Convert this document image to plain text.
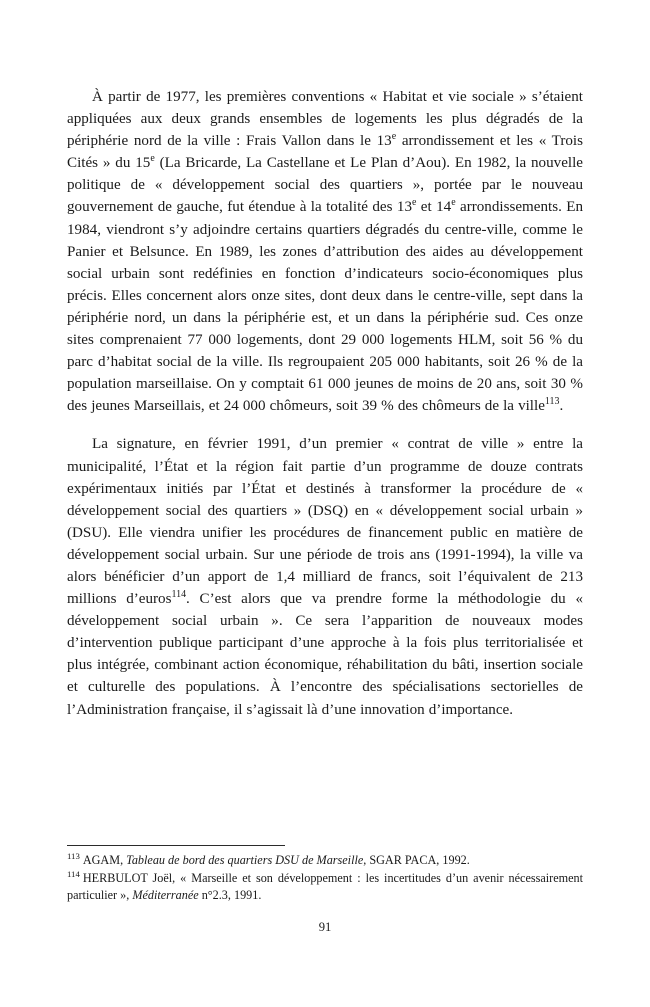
À partir de 1977, les premières conventions « Habitat et vie sociale » s’étaient appliquées aux deux grands ensembles de logements les plus dégradés de la périphérie nord de la ville : Frais Vallon dans le 13e arrondissement et les « Trois Cités » du 15e (La Bricarde, La Castellane et Le Plan d’Aou). En 1982, la nouvelle politique de « développement social des quartiers », portée par le nouveau gouvernement de gauche, fut étendue à la totalité des 13e et 14e arrondissements. En 1984, viendront s’y adjoindre certains quartiers dégradés du centre-ville, comme le Panier et Belsunce. En 1989, les zones d’attribution des aides au développement social urbain sont redéfinies en fonction d’indicateurs socio-économiques plus précis. Elles concernent alors onze sites, dont deux dans le centre-ville, sept dans la périphérie nord, un dans la périphérie est, et un dans la périphérie sud. Ces onze sites comprenaient 77 000 logements, dont 29 000 logements HLM, soit 56 % du parc d’habitat social de la ville. Ils regroupaient 205 000 habitants, soit 26 % de la population marseillaise. On y comptait 61 000 jeunes de moins de 20 ans, soit 30 % des jeunes Marseillais, et 24 000 chômeurs, soit 39 % des chômeurs de la ville$^{113}$.

La signature, en février 1991, d’un premier « contrat de ville » entre la municipalité, l’État et la région fait partie d’un programme de douze contrats expérimentaux initiés par l’État et destinés à transformer la procédure de « développement social des quartiers » (DSQ) en « développement social urbain » (DSU). Elle viendra unifier les procédures de financement public en matière de développement social urbain. Sur une période de trois ans (1991-1994), la ville va alors bénéficier d’un apport de 1,4 milliard de francs, soit l’équivalent de 213 millions d’euros$^{114}$. C’est alors que va prendre forme la méthodologie du « développement social urbain ». Ce sera l’apparition de nouveaux modes d’intervention publique participant d’une approche à la fois plus territorialisée et plus intégrée, combinant action économique, réhabilitation du bâti, insertion sociale et culturelle des populations. À l’encontre des spécialisations sectorielles de l’Administration française, il s’agissait là d’une innovation d’importance.

$^{113}$ AGAM, Tableau de bord des quartiers DSU de Marseille, SGAR PACA, 1992.

$^{114}$ HERBULOT Joël, « Marseille et son développement : les incertitudes d’un avenir nécessairement particulier », Méditerranée n°2.3, 1991.

91
